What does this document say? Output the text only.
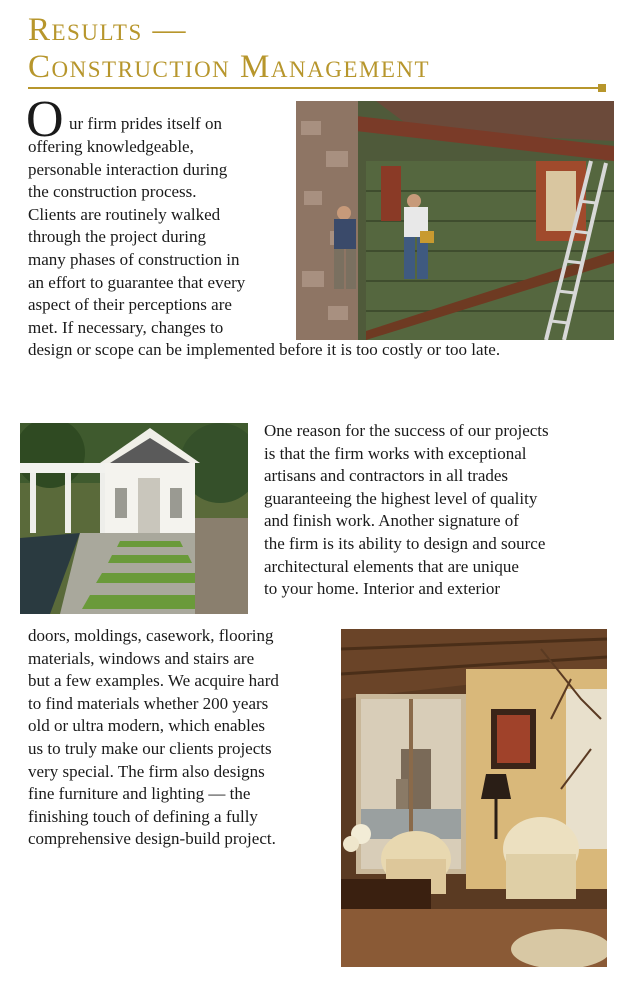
Results —
Construction Management
O ur firm prides itself on
offering knowledgeable,
personable interaction during
the construction process.
Clients are routinely walked
through the project during
many phases of construction in
an effort to guarantee that every
aspect of their perceptions are
met. If necessary, changes to
design or scope can be implemented before it is too costly or too late.
One reason for the success of our projects
is that the firm works with exceptional
artisans and contractors in all trades
guaranteeing the highest level of quality
and finish work. Another signature of
the firm is its ability to design and source
architectural elements that are unique
to your home. Interior and exterior
doors, moldings, casework, flooring
materials, windows and stairs are
but a few examples. We acquire hard
to find materials whether 200 years
old or ultra modern, which enables
us to truly make our clients projects
very special. The firm also designs
fine furniture and lighting — the
finishing touch of defining a fully
comprehensive design-build project.
